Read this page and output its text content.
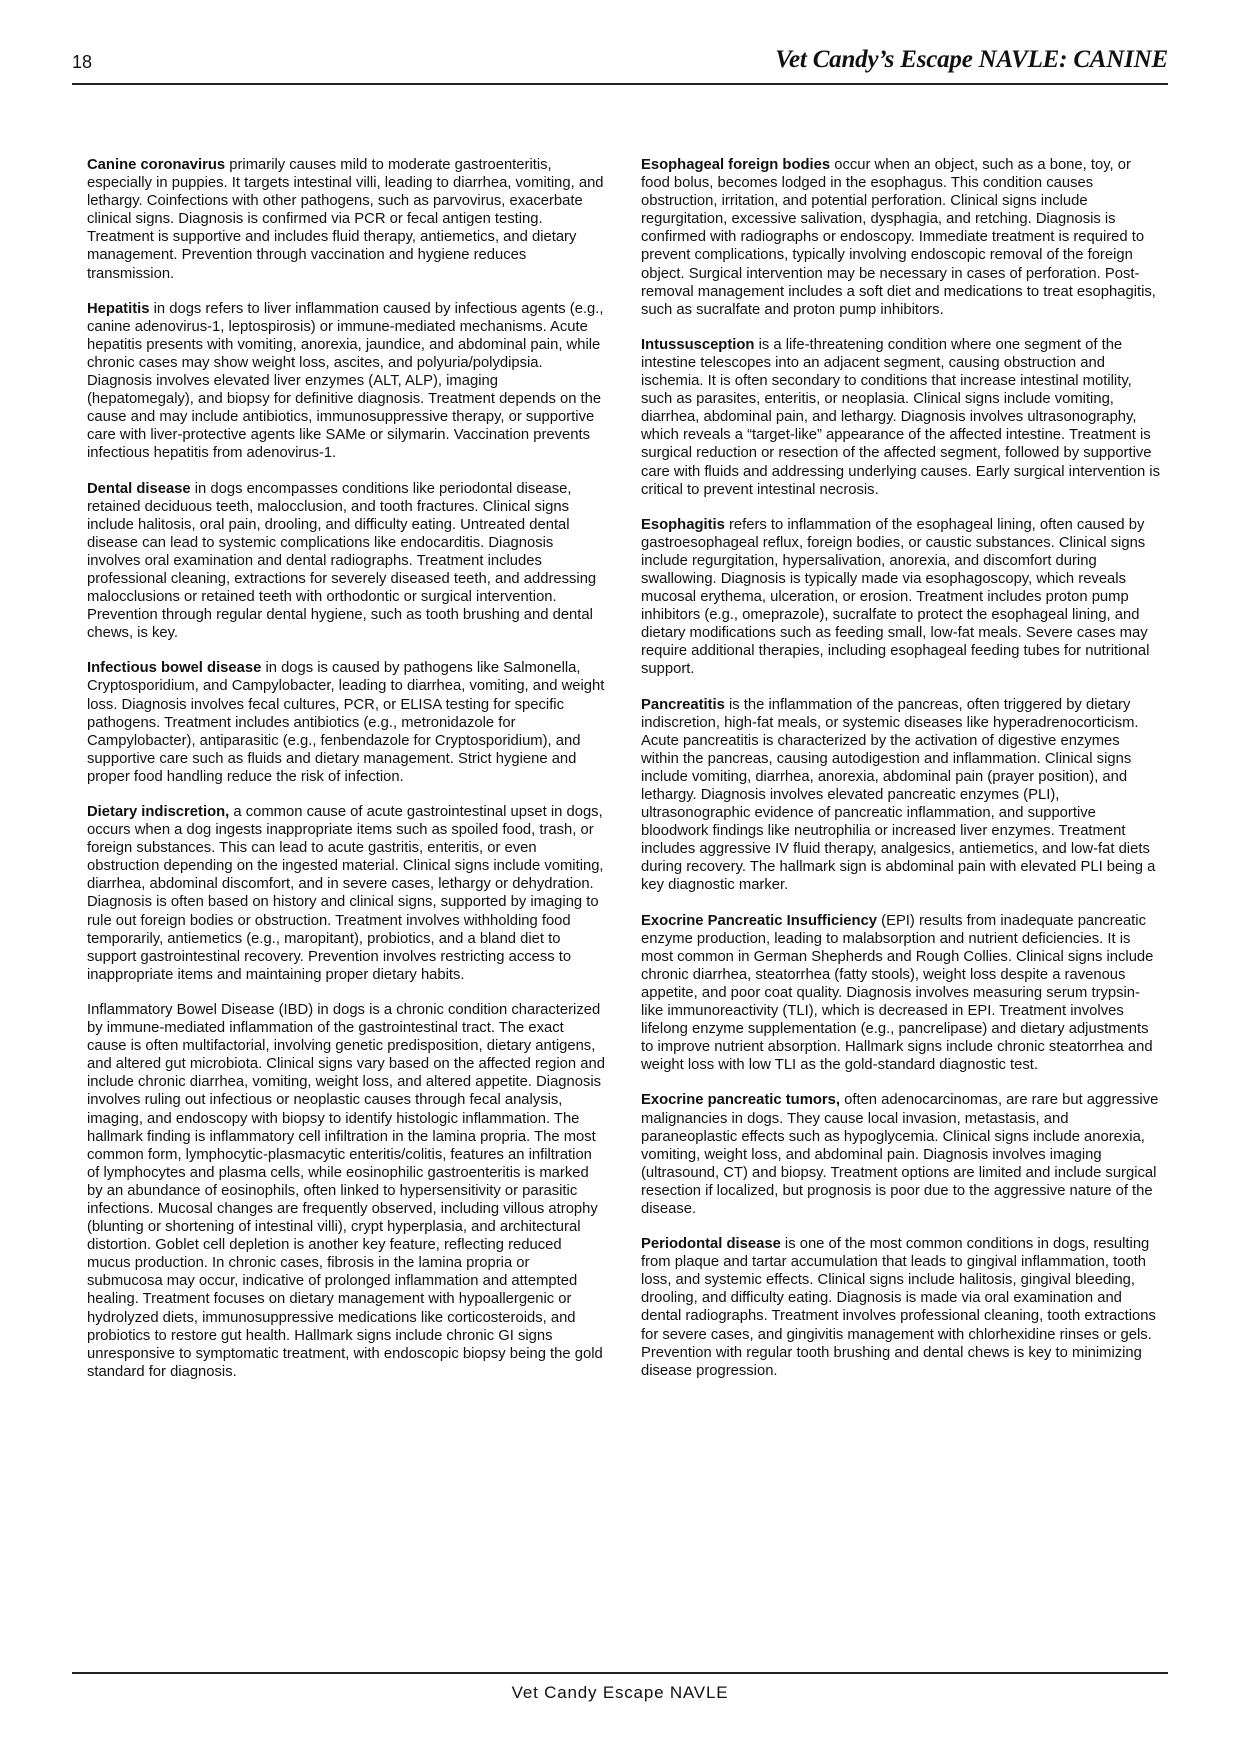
18	Vet Candy’s Escape NAVLE: CANINE

Canine coronavirus primarily causes mild to moderate gastroenteritis, especially in puppies. It targets intestinal villi, leading to diarrhea, vomiting, and lethargy. Coinfections with other pathogens, such as parvovirus, exacerbate clinical signs. Diagnosis is confirmed via PCR or fecal antigen testing. Treatment is supportive and includes fluid therapy, antiemetics, and dietary management. Prevention through vaccination and hygiene reduces transmission.

Hepatitis in dogs refers to liver inflammation caused by infectious agents (e.g., canine adenovirus-1, leptospirosis) or immune-mediated mechanisms. Acute hepatitis presents with vomiting, anorexia, jaundice, and abdominal pain, while chronic cases may show weight loss, ascites, and polyuria/polydipsia. Diagnosis involves elevated liver enzymes (ALT, ALP), imaging (hepatomegaly), and biopsy for definitive diagnosis. Treatment depends on the cause and may include antibiotics, immunosuppressive therapy, or supportive care with liver-protective agents like SAMe or silymarin. Vaccination prevents infectious hepatitis from adenovirus-1.

Dental disease in dogs encompasses conditions like periodontal disease, retained deciduous teeth, malocclusion, and tooth fractures. Clinical signs include halitosis, oral pain, drooling, and difficulty eating. Untreated dental disease can lead to systemic complications like endocarditis. Diagnosis involves oral examination and dental radiographs. Treatment includes professional cleaning, extractions for severely diseased teeth, and addressing malocclusions or retained teeth with orthodontic or surgical intervention. Prevention through regular dental hygiene, such as tooth brushing and dental chews, is key.

Infectious bowel disease in dogs is caused by pathogens like Salmonella, Cryptosporidium, and Campylobacter, leading to diarrhea, vomiting, and weight loss. Diagnosis involves fecal cultures, PCR, or ELISA testing for specific pathogens. Treatment includes antibiotics (e.g., metronidazole for Campylobacter), antiparasitic (e.g., fenbendazole for Cryptosporidium), and supportive care such as fluids and dietary management. Strict hygiene and proper food handling reduce the risk of infection.

Dietary indiscretion, a common cause of acute gastrointestinal upset in dogs, occurs when a dog ingests inappropriate items such as spoiled food, trash, or foreign substances. This can lead to acute gastritis, enteritis, or even obstruction depending on the ingested material. Clinical signs include vomiting, diarrhea, abdominal discomfort, and in severe cases, lethargy or dehydration. Diagnosis is often based on history and clinical signs, supported by imaging to rule out foreign bodies or obstruction. Treatment involves withholding food temporarily, antiemetics (e.g., maropitant), probiotics, and a bland diet to support gastrointestinal recovery. Prevention involves restricting access to inappropriate items and maintaining proper dietary habits.

Inflammatory Bowel Disease (IBD) in dogs is a chronic condition characterized by immune-mediated inflammation of the gastrointestinal tract. The exact cause is often multifactorial, involving genetic predisposition, dietary antigens, and altered gut microbiota. Clinical signs vary based on the affected region and include chronic diarrhea, vomiting, weight loss, and altered appetite. Diagnosis involves ruling out infectious or neoplastic causes through fecal analysis, imaging, and endoscopy with biopsy to identify histologic inflammation. The hallmark finding is inflammatory cell infiltration in the lamina propria. The most common form, lymphocytic-plasmacytic enteritis/colitis, features an infiltration of lymphocytes and plasma cells, while eosinophilic gastroenteritis is marked by an abundance of eosinophils, often linked to hypersensitivity or parasitic infections. Mucosal changes are frequently observed, including villous atrophy (blunting or shortening of intestinal villi), crypt hyperplasia, and architectural distortion. Goblet cell depletion is another key feature, reflecting reduced mucus production. In chronic cases, fibrosis in the lamina propria or submucosa may occur, indicative of prolonged inflammation and attempted healing. Treatment focuses on dietary management with hypoallergenic or hydrolyzed diets, immunosuppressive medications like corticosteroids, and probiotics to restore gut health. Hallmark signs include chronic GI signs unresponsive to symptomatic treatment, with endoscopic biopsy being the gold standard for diagnosis.

Esophageal foreign bodies occur when an object, such as a bone, toy, or food bolus, becomes lodged in the esophagus. This condition causes obstruction, irritation, and potential perforation. Clinical signs include regurgitation, excessive salivation, dysphagia, and retching. Diagnosis is confirmed with radiographs or endoscopy. Immediate treatment is required to prevent complications, typically involving endoscopic removal of the foreign object. Surgical intervention may be necessary in cases of perforation. Post-removal management includes a soft diet and medications to treat esophagitis, such as sucralfate and proton pump inhibitors.

Intussusception is a life-threatening condition where one segment of the intestine telescopes into an adjacent segment, causing obstruction and ischemia. It is often secondary to conditions that increase intestinal motility, such as parasites, enteritis, or neoplasia. Clinical signs include vomiting, diarrhea, abdominal pain, and lethargy. Diagnosis involves ultrasonography, which reveals a “target-like” appearance of the affected intestine. Treatment is surgical reduction or resection of the affected segment, followed by supportive care with fluids and addressing underlying causes. Early surgical intervention is critical to prevent intestinal necrosis.

Esophagitis refers to inflammation of the esophageal lining, often caused by gastroesophageal reflux, foreign bodies, or caustic substances. Clinical signs include regurgitation, hypersalivation, anorexia, and discomfort during swallowing. Diagnosis is typically made via esophagoscopy, which reveals mucosal erythema, ulceration, or erosion. Treatment includes proton pump inhibitors (e.g., omeprazole), sucralfate to protect the esophageal lining, and dietary modifications such as feeding small, low-fat meals. Severe cases may require additional therapies, including esophageal feeding tubes for nutritional support.

Pancreatitis is the inflammation of the pancreas, often triggered by dietary indiscretion, high-fat meals, or systemic diseases like hyperadrenocorticism. Acute pancreatitis is characterized by the activation of digestive enzymes within the pancreas, causing autodigestion and inflammation. Clinical signs include vomiting, diarrhea, anorexia, abdominal pain (prayer position), and lethargy. Diagnosis involves elevated pancreatic enzymes (PLI), ultrasonographic evidence of pancreatic inflammation, and supportive bloodwork findings like neutrophilia or increased liver enzymes. Treatment includes aggressive IV fluid therapy, analgesics, antiemetics, and low-fat diets during recovery. The hallmark sign is abdominal pain with elevated PLI being a key diagnostic marker.

Exocrine Pancreatic Insufficiency (EPI) results from inadequate pancreatic enzyme production, leading to malabsorption and nutrient deficiencies. It is most common in German Shepherds and Rough Collies. Clinical signs include chronic diarrhea, steatorrhea (fatty stools), weight loss despite a ravenous appetite, and poor coat quality. Diagnosis involves measuring serum trypsin-like immunoreactivity (TLI), which is decreased in EPI. Treatment involves lifelong enzyme supplementation (e.g., pancrelipase) and dietary adjustments to improve nutrient absorption. Hallmark signs include chronic steatorrhea and weight loss with low TLI as the gold-standard diagnostic test.

Exocrine pancreatic tumors, often adenocarcinomas, are rare but aggressive malignancies in dogs. They cause local invasion, metastasis, and paraneoplastic effects such as hypoglycemia. Clinical signs include anorexia, vomiting, weight loss, and abdominal pain. Diagnosis involves imaging (ultrasound, CT) and biopsy. Treatment options are limited and include surgical resection if localized, but prognosis is poor due to the aggressive nature of the disease.

Periodontal disease is one of the most common conditions in dogs, resulting from plaque and tartar accumulation that leads to gingival inflammation, tooth loss, and systemic effects. Clinical signs include halitosis, gingival bleeding, drooling, and difficulty eating. Diagnosis is made via oral examination and dental radiographs. Treatment involves professional cleaning, tooth extractions for severe cases, and gingivitis management with chlorhexidine rinses or gels. Prevention with regular tooth brushing and dental chews is key to minimizing disease progression.

Vet Candy Escape NAVLE
